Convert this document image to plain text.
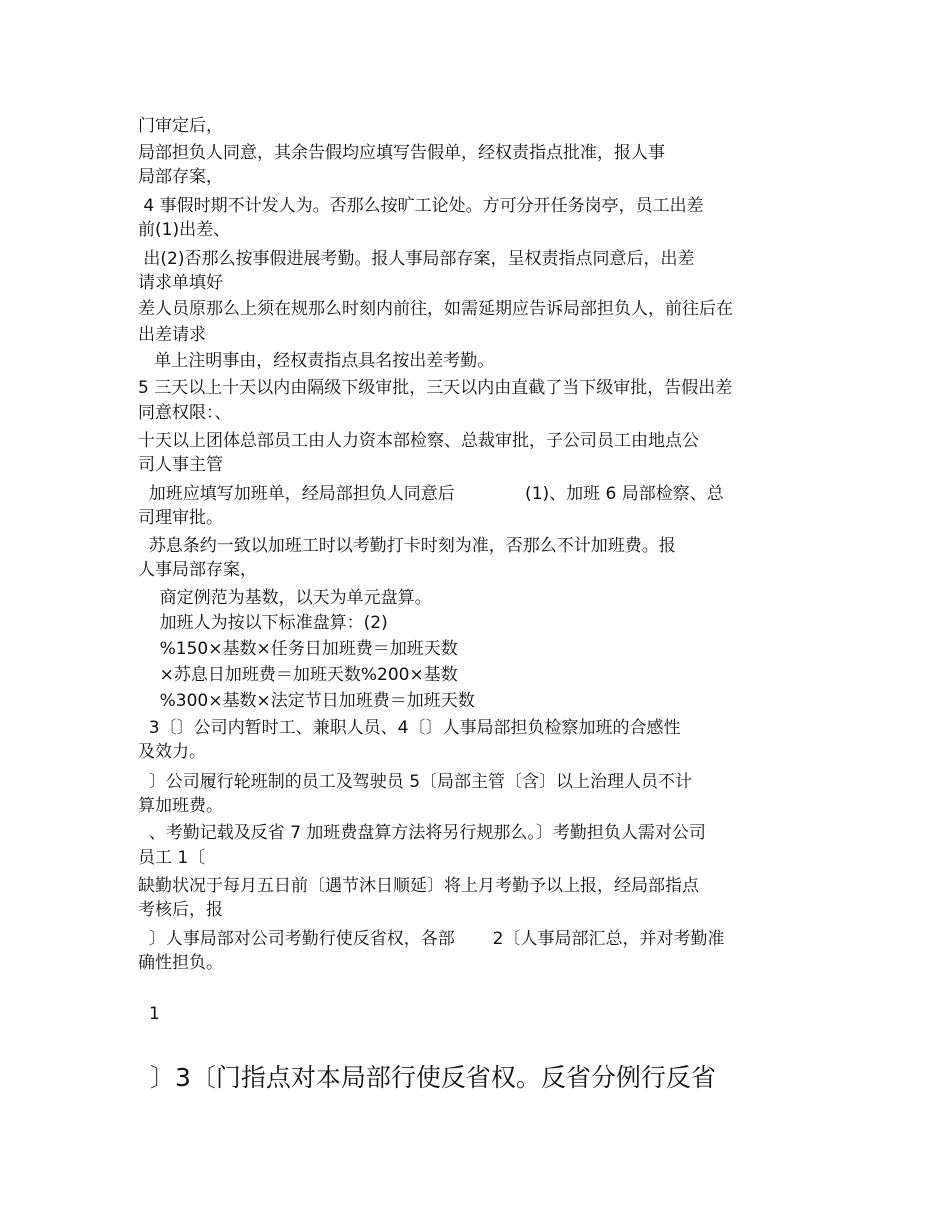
门审定后，
局部担负人同意，其余告假均应填写告假单，经权责指点批准，报人事
局部存案，
4 事假时期不计发人为。否那么按旷工论处。方可分开任务岗亭，员工出差
前(1)出差、
出(2)否那么按事假进展考勤。报人事局部存案，呈权责指点同意后，出差
请求单填好
差人员原那么上须在规那么时刻内前往，如需延期应告诉局部担负人，前往后在
出差请求
单上注明事由，经权责指点具名按出差考勤。
5 三天以上十天以内由隔级下级审批，三天以内由直截了当下级审批，告假出差
同意权限：、
十天以上团体总部员工由人力资本部检察、总裁审批，子公司员工由地点公
司人事主管
加班应填写加班单，经局部担负人同意后             (1)、加班 6 局部检察、总
司理审批。
苏息条约一致以加班工时以考勤打卡时刻为准，否那么不计加班费。报
人事局部存案，
商定例范为基数，以天为单元盘算。
加班人为按以下标准盘算：(2)
%150×基数×任务日加班费＝加班天数
×苏息日加班费＝加班天数%200×基数
%300×基数×法定节日加班费＝加班天数
3〔〕公司内暂时工、兼职人员、4〔〕人事局部担负检察加班的合感性
及效力。
〕公司履行轮班制的员工及驾驶员 5〔局部主管〔含〕以上治理人员不计
算加班费。
、考勤记载及反省 7 加班费盘算方法将另行规那么。〕考勤担负人需对公司
员工 1〔
缺勤状况于每月五日前〔遇节沐日顺延〕将上月考勤予以上报，经局部指点
考核后，报
〕人事局部对公司考勤行使反省权，各部       2〔人事局部汇总，并对考勤准
确性担负。
1
〕3〔门指点对本局部行使反省权。反省分例行反省
